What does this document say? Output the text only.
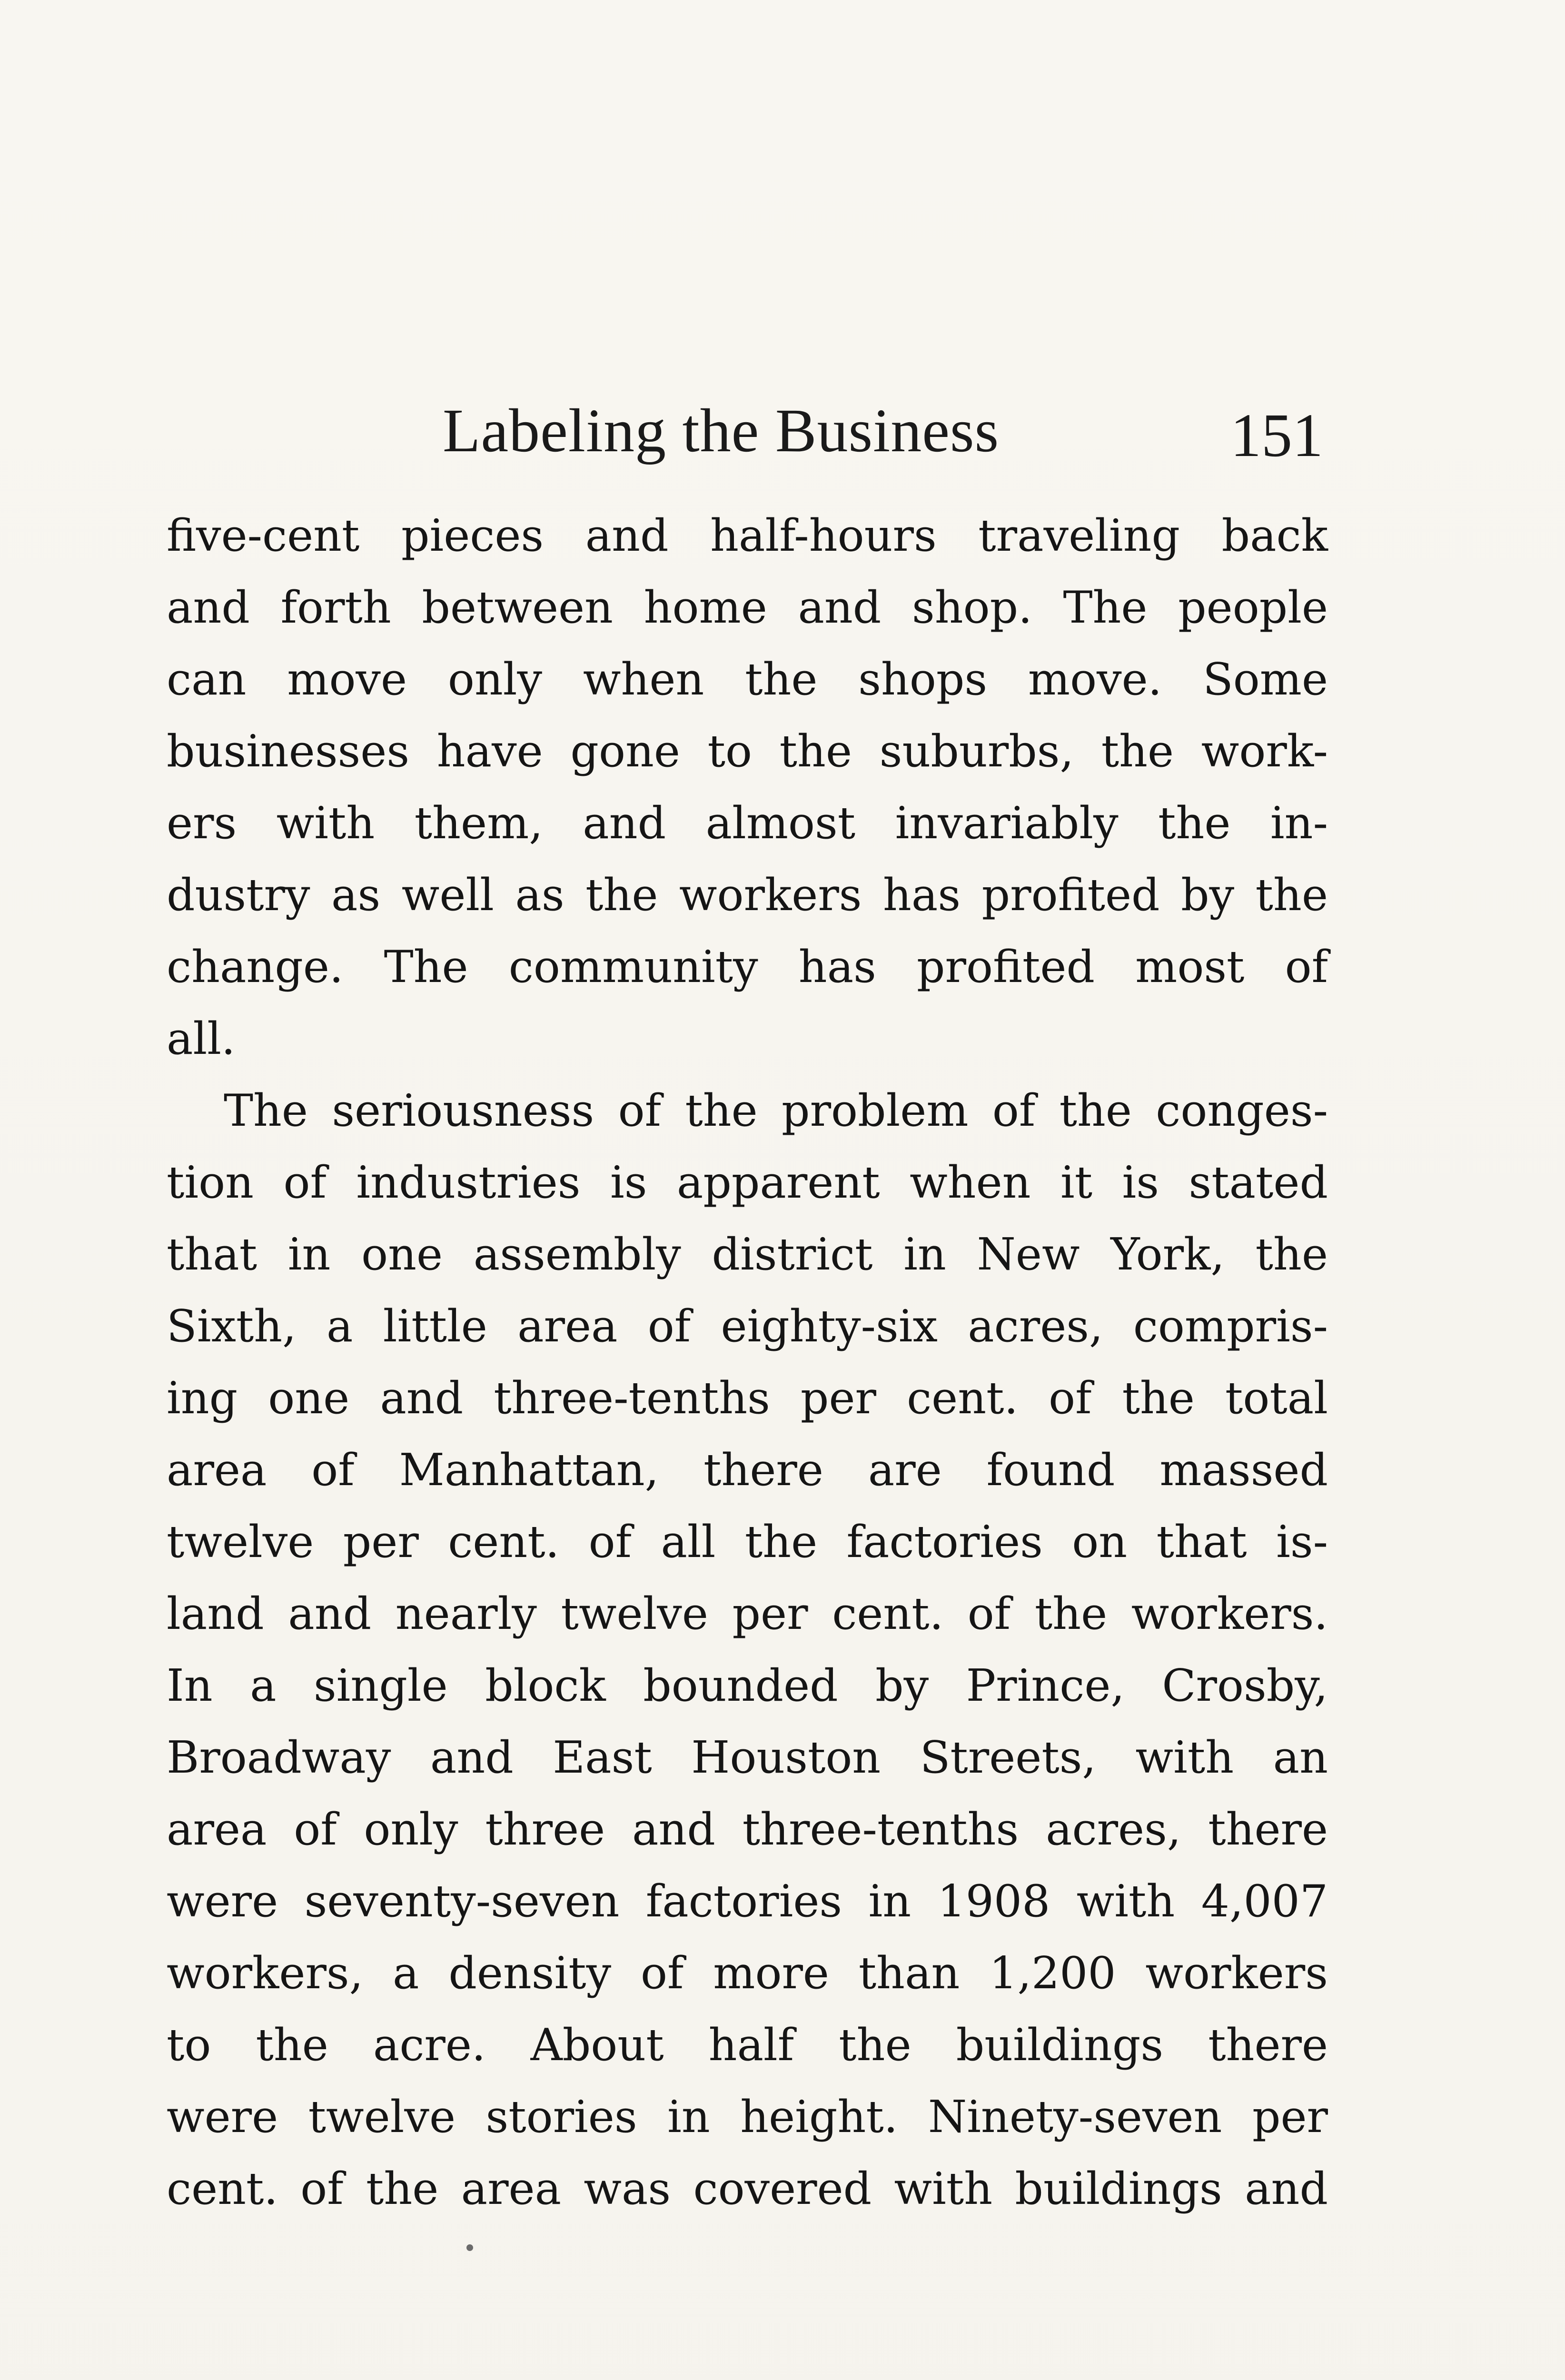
Labeling the Business	151
five-cent pieces and half-hours traveling back
and forth between home and shop. The people
can move only when the shops move. Some
businesses have gone to the suburbs, the work-
ers with them, and almost invariably the in-
dustry as well as the workers has profited by the
change. The community has profited most of
all.
The seriousness of the problem of the conges-
tion of industries is apparent when it is stated
that in one assembly district in New York, the
Sixth, a little area of eighty-six acres, compris-
ing one and three-tenths per cent. of the total
area of Manhattan, there are found massed
twelve per cent. of all the factories on that is-
land and nearly twelve per cent. of the workers.
In a single block bounded by Prince, Crosby,
Broadway and East Houston Streets, with an
area of only three and three-tenths acres, there
were seventy-seven factories in 1908 with 4,007
workers, a density of more than 1,200 workers
to the acre. About half the buildings there
were twelve stories in height. Ninety-seven per
cent. of the area was covered with buildings and
